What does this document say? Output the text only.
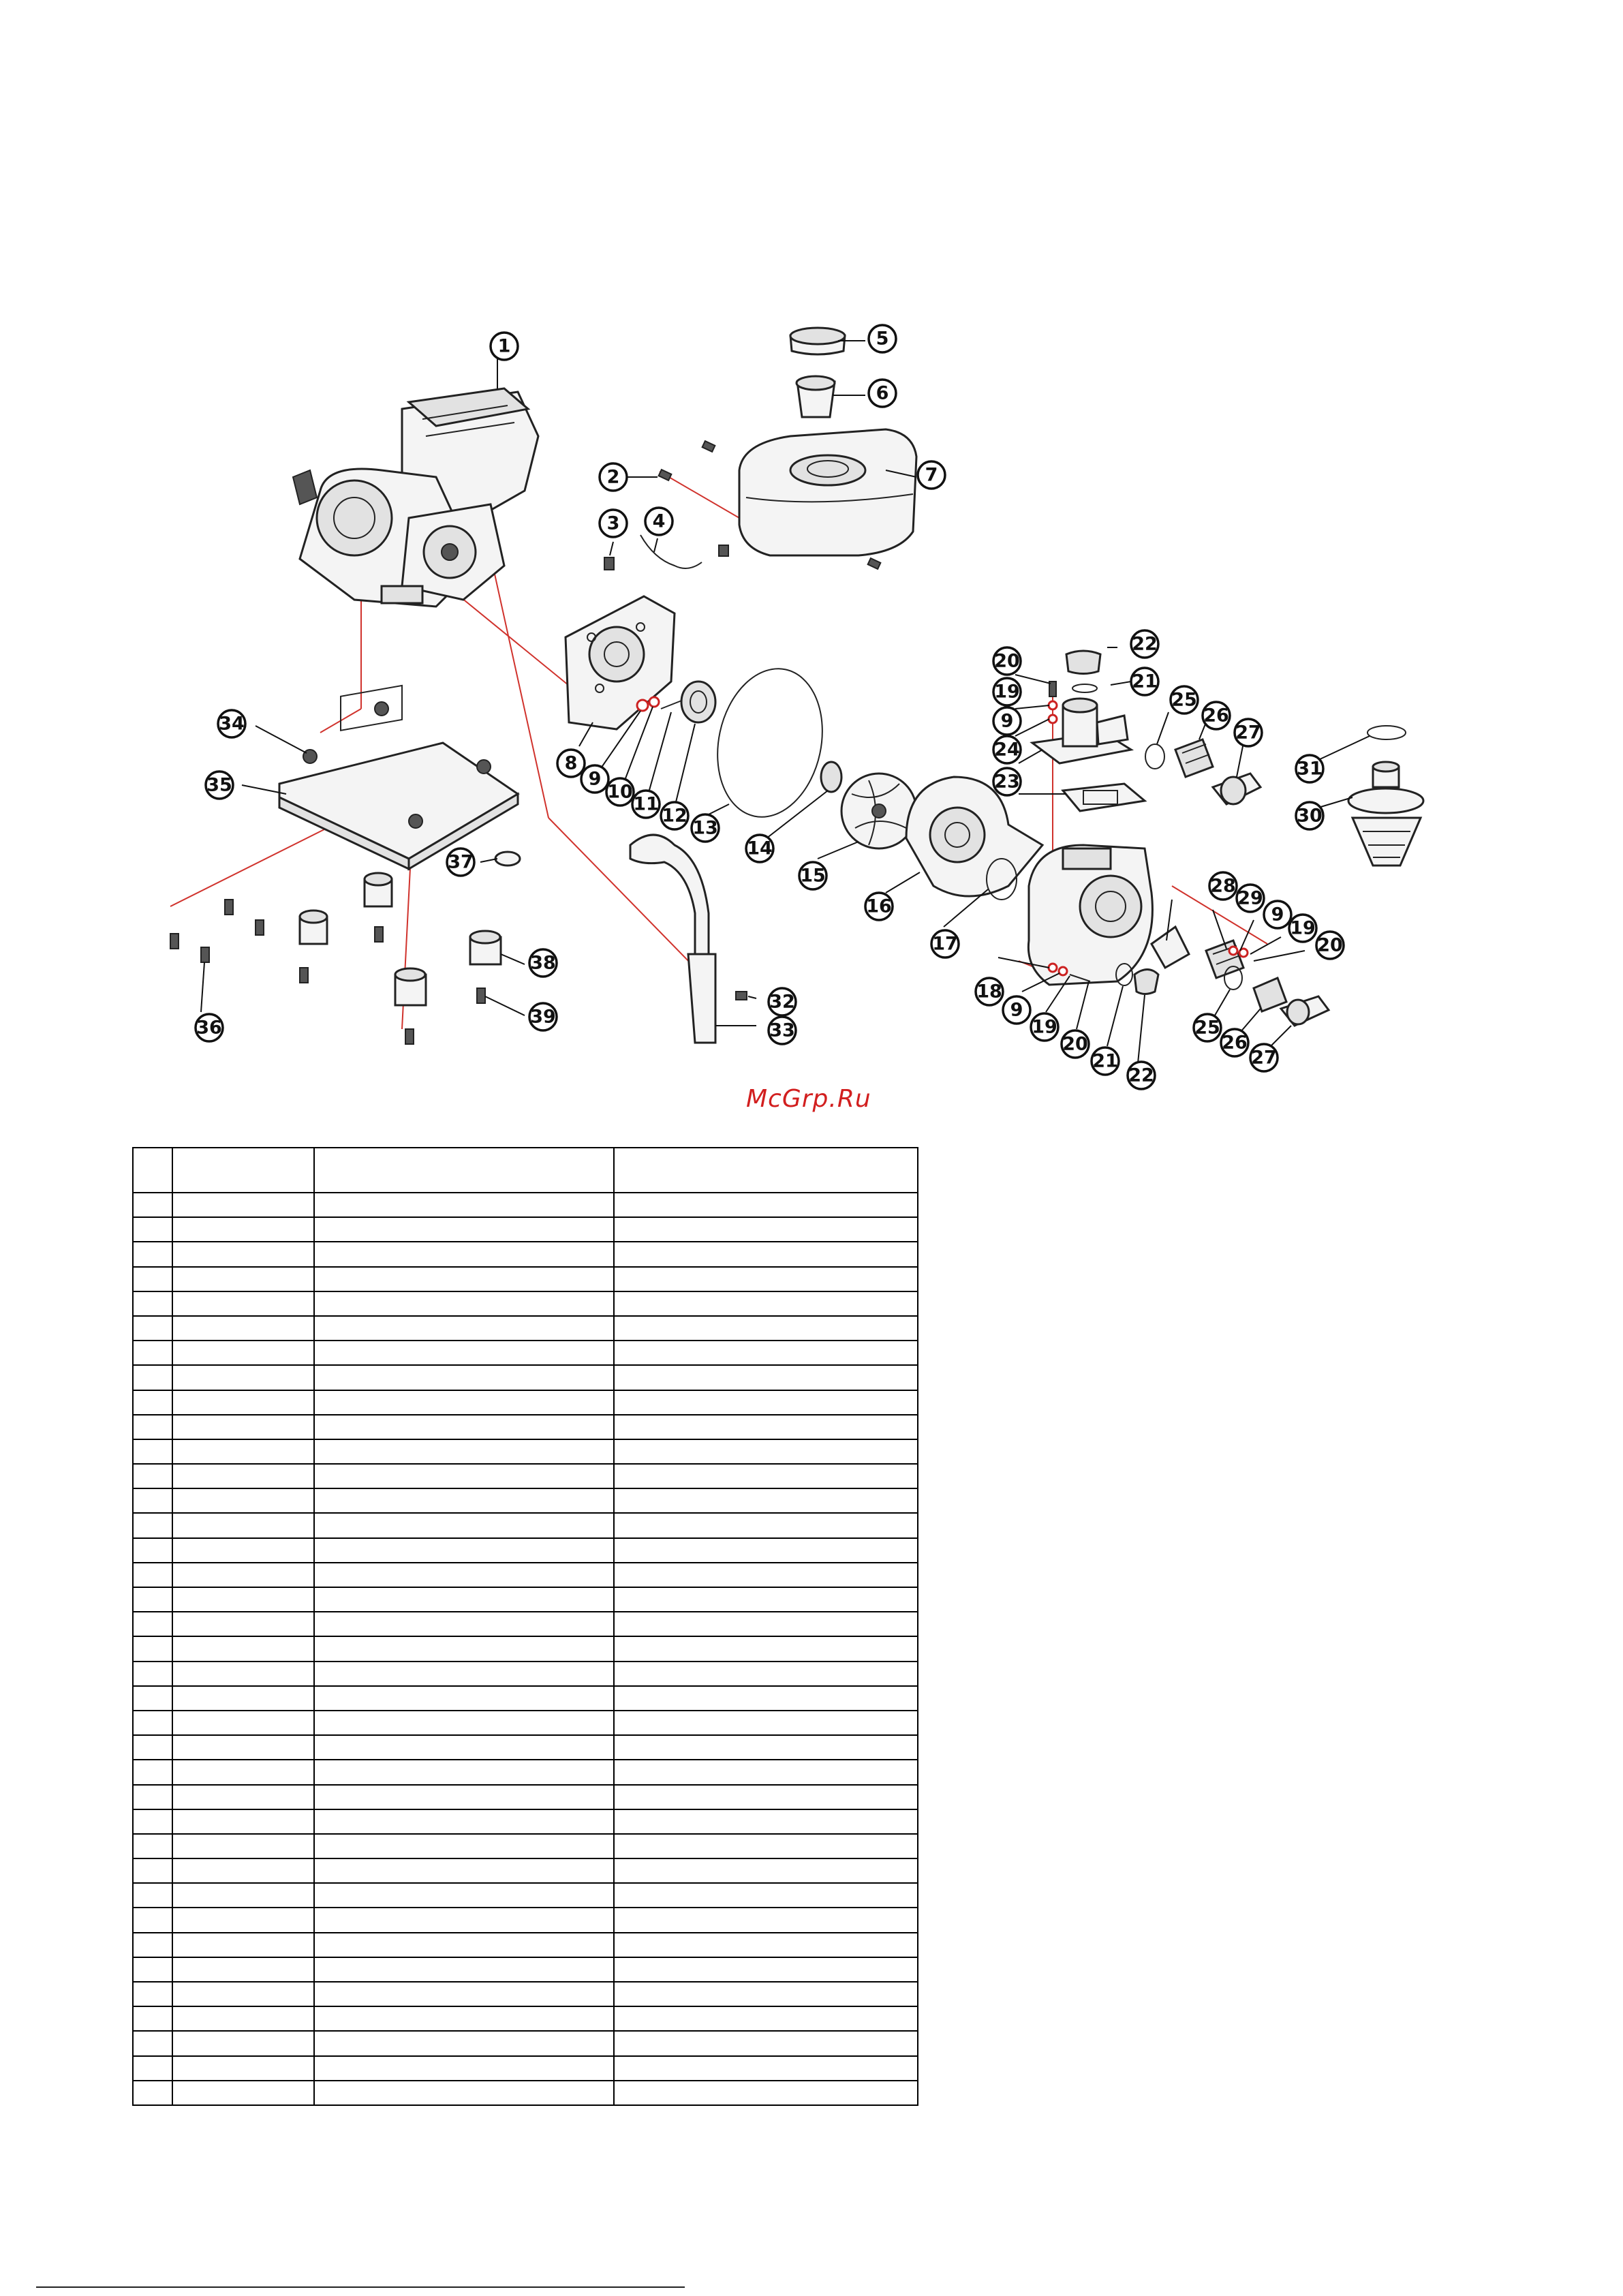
1
2
3 4
5
6
7
8
9
10
11
12
13
14
15
16
17
18
9
19
20
21
22
20
19
9
24
23
22
21
25
26
27
31
30
28
29
9
19
20
25
26
27
32
33
34
35
36
37
38
39
McGrp.Ru
